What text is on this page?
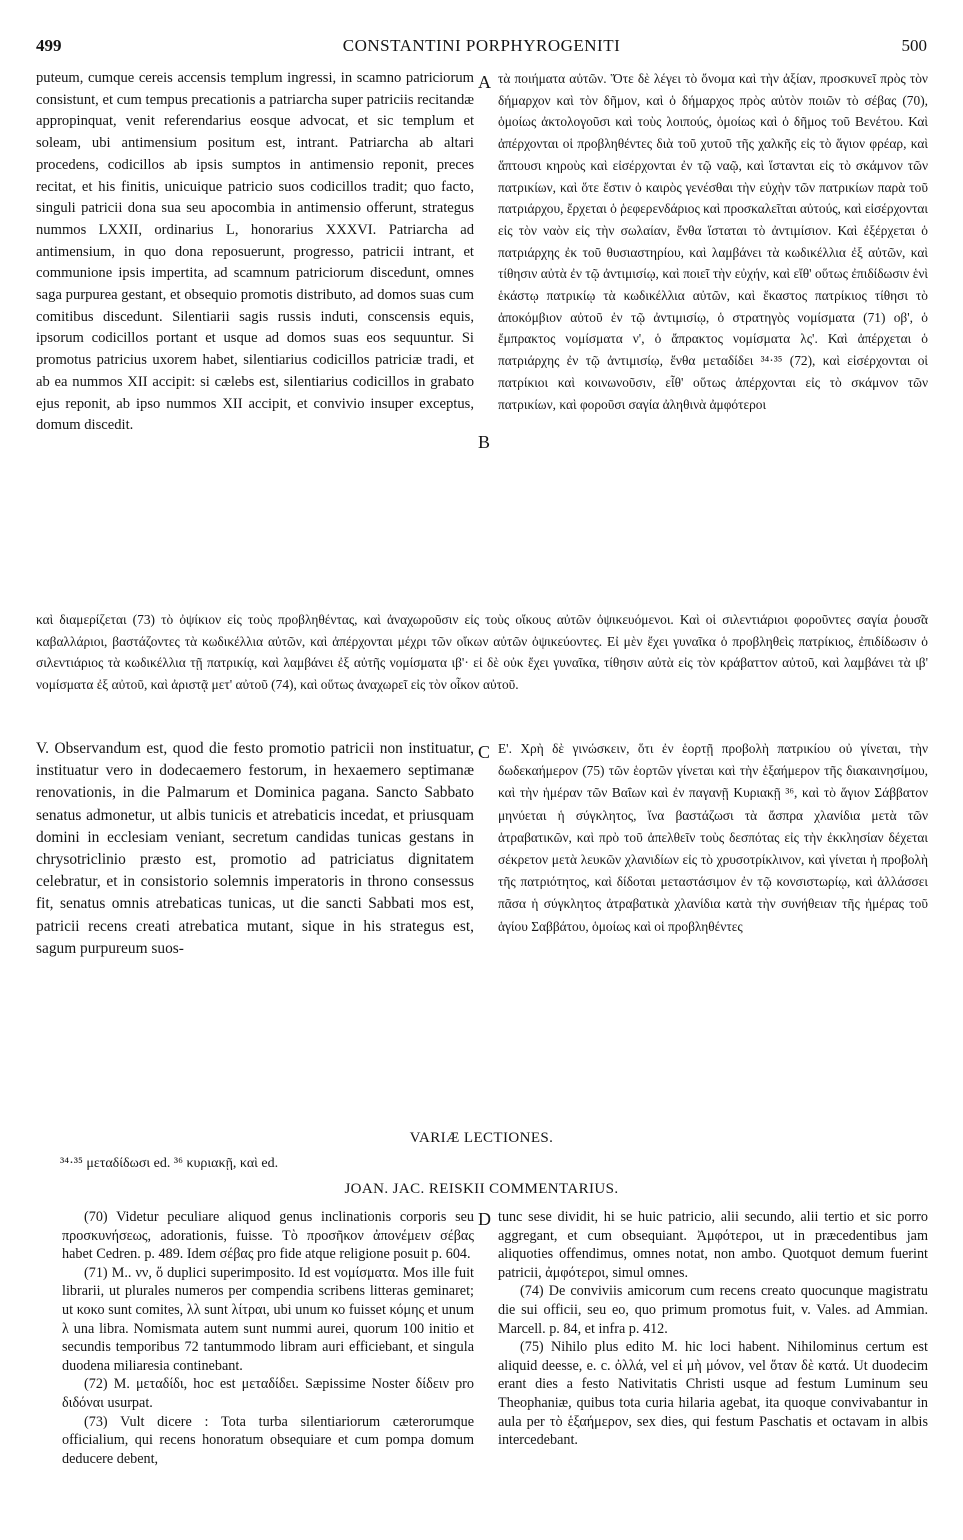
499	CONSTANTINI PORPHYROGENITI	500

puteum, cumque cereis accensis templum ingressi, in scamno patriciorum consistunt, et cum tempus precationis a patriarcha super patriciis recitandæ appropinquat, venit referendarius eosque advocat, et sic templum et soleam, ubi antimensium positum est, intrant. Patriarcha ab altari procedens, codicillos ab ipsis sumptos in antimensio reponit, preces recitat, et his finitis, unicuique patricio suos codicillos tradit; quo facto, singuli patricii dona sua seu apocombia in antimensio offerunt, strategus nummos LXXII, ordinarius L, honorarius XXXVI. Patriarcha ad antimensium, in quo dona reposuerunt, progresso, patricii intrant, et communione ipsis impertita, ad scamnum patriciorum discedunt, omnes saga purpurea gestant, et obsequio promotis distributo, ad domos suas cum comitibus discedunt. Silentiarii sagis russis induti, conscensis equis, ipsorum codicillos portant et usque ad domos suas eos sequuntur. Si promotus patricius uxorem habet, silentiarius codicillos patriciæ tradi, et ab ea nummos XII accipit: si cælebs est, silentiarius codicillos in grabato ejus reponit, ab ipso nummos XII accipit, et convivio insuper exceptus, domum discedit.

A τὰ ποιήματα αὐτῶν. Ὅτε δὲ λέγει τὸ ὄνομα καὶ τὴν ἀξίαν, προσκυνεῖ πρὸς τὸν δήμαρχον καὶ τὸν δῆμον, καὶ ὁ δήμαρχος πρὸς αὐτὸν ποιῶν τὸ σέβας (70), ὁμοίως ἀκτολογοῦσι καὶ τοὺς λοιπούς, ὁμοίως καὶ ὁ δῆμος τοῦ Βενέτου. Καὶ ἀπέρχονται οἱ προβληθέντες διὰ τοῦ χυτοῦ τῆς χαλκῆς εἰς τὸ ἅγιον φρέαρ, καὶ ἅπτουσι κηροὺς καὶ εἰσέρχονται ἐν τῷ ναῷ, καὶ ἵστανται εἰς τὸ σκάμνον τῶν πατρικίων, καὶ ὅτε ἔστιν ὁ καιρὸς γενέσθαι τὴν εὐχὴν τῶν πατρικίων παρὰ τοῦ πατριάρχου, ἔρχεται ὁ ῥεφερενδάριος καὶ προσκαλεῖται αὐτούς, καὶ εἰσέρχονται εἰς τὸν ναὸν εἰς τὴν σωλαίαν, ἔνθα ἵσταται τὸ ἀντιμίσιον. Καὶ ἐξέρχεται ὁ πατριάρχης ἐκ τοῦ θυσιαστηρίου, καὶ λαμβάνει τὰ κωδικέλλια ἐξ αὐτῶν, καὶ τίθησιν αὐτὰ ἐν τῷ ἀντιμισίῳ, καὶ ποιεῖ τὴν εὐχήν, καὶ εἴθ' οὕτως ἐπιδίδωσιν ἑνὶ ἑκάστῳ πατρικίῳ τὰ κωδικέλλια αὐτῶν, καὶ ἕκαστος πατρίκιος τίθησι τὸ ἀποκόμβιον αὐτοῦ ἐν τῷ ἀντιμισίῳ, ὁ στρατηγὸς νομίσματα (71) οβ', ὁ ἔμπρακτος νομίσματα ν', ὁ ἄπρακτος νομίσματα λς'. Καὶ ἀπέρχεται ὁ πατριάρχης ἐν τῷ ἀντιμισίῳ, ἔνθα μεταδίδει ³⁴·³⁵ (72), καὶ εἰσέρχονται οἱ πατρίκιοι καὶ κοινωνοῦσιν, εἶθ' οὕτως ἀπέρχονται εἰς τὸ σκάμνον τῶν πατρικίων, καὶ φοροῦσι σαγία ἀληθινὰ ἀμφότεροι

B

καὶ διαμερίζεται (73) τὸ ὀψίκιον εἰς τοὺς προβληθέντας, καὶ ἀναχωροῦσιν εἰς τοὺς οἴκους αὐτῶν ὀψικευόμενοι. Καὶ οἱ σιλεντιάριοι φοροῦντες σαγία ῥουσ̃α καβαλλάριοι, βαστάζοντες τὰ κωδικέλλια αὐτῶν, καὶ ἀπέρχονται μέχρι τῶν οἴκων αὐτῶν ὀψικεύοντες. Εἰ μὲν ἔχει γυναῖκα ὁ προβληθεὶς πατρίκιος, ἐπιδίδωσιν ὁ σιλεντιάριος τὰ κωδικέλλια τῇ πατρικίᾳ, καὶ λαμβάνει ἐξ αὐτῆς νομίσματα ιβ'· εἰ δὲ οὐκ ἔχει γυναῖκα, τίθησιν αὐτὰ εἰς τὸν κράβαττον αὐτοῦ, καὶ λαμβάνει τὰ ιβ' νομίσματα ἐξ αὐτοῦ, καὶ ἀριστᾷ μετ' αὐτοῦ (74), καὶ οὕτως ἀναχωρεῖ εἰς τὸν οἶκον αὐτοῦ.

V. Observandum est, quod die festo promotio patricii non instituatur, instituatur vero in dodecaemero festorum, in hexaemero septimanæ renovationis, in die Palmarum et Dominica pagana. Sancto Sabbato senatus admonetur, ut albis tunicis et atrebaticis incedat, et priusquam domini in ecclesiam veniant, secretum candidas tunicas gestans in chrysotriclinio præsto est, promotio ad patriciatus dignitatem celebratur, et in consistorio solemnis imperatoris in throno consessus fit, senatus omnis atrebaticas tunicas, ut die sancti Sabbati mos est, patricii recens creati atrebatica mutant, sique in his strategus est, sagum purpureum suos-

C Ε'. Χρὴ δὲ γινώσκειν, ὅτι ἐν ἑορτῇ προβολὴ πατρικίου οὐ γίνεται, τὴν δωδεκαήμερον (75) τῶν ἑορτῶν γίνεται καὶ τὴν ἑξαήμερον τῆς διακαινησίμου, καὶ τὴν ἡμέραν τῶν Βαΐων καὶ ἐν παγανῇ Κυριακῇ ³⁶, καὶ τὸ ἅγιον Σάββατον μηνύεται ἡ σύγκλητος, ἵνα βαστάζωσι τὰ ἄσπρα χλανίδια μετὰ τῶν ἀτραβατικῶν, καὶ πρὸ τοῦ ἀπελθεῖν τοὺς δεσπότας εἰς τὴν ἐκκλησίαν δέχεται σέκρετον μετὰ λευκῶν χλανιδίων εἰς τὸ χρυσοτρίκλινον, καὶ γίνεται ἡ προβολὴ τῆς πατριότητος, καὶ δίδοται μεταστάσιμον ἐν τῷ κονσιστωρίῳ, καὶ ἀλλάσσει πᾶσα ἡ σύγκλητος ἀτραβατικὰ χλανίδια κατὰ τὴν συνήθειαν τῆς ἡμέρας τοῦ ἁγίου Σαββάτου, ὁμοίως καὶ οἱ προβληθέντες

VARIÆ LECTIONES.
³⁴·³⁵ μεταδίδωσι ed. ³⁶ κυριακῇ, καὶ ed.
JOAN. JAC. REISKII COMMENTARIUS.

(70) Videtur peculiare aliquod genus inclinationis corporis seu προσκυνήσεως, adorationis, fuisse. Τὸ προσῆκον ἀπονέμειν σέβας habet Cedren. p. 489. Idem σέβας pro fide atque religione posuit p. 604.

(71) M.. νν, ὅ duplici superimposito. Id est νομίσματα. Mos ille fuit librarii, ut plurales numeros per compendia scribens litteras geminaret; ut κοκο sunt comites, λλ sunt λίτραι, ubi unum κο fuisset κόμης et unum λ una libra. Nomismata autem sunt nummi aurei, quorum 100 initio et secundis temporibus 72 tantummodo libram auri efficiebant, et singula duodena miliaresia continebant.

(72) M. μεταδίδι, hoc est μεταδίδει. Sæpissime Noster δίδειν pro διδόναι usurpat.

(73) Vult dicere : Tota turba silentiariorum cæterorumque officialium, qui recens honoratum obsequiare et cum pompa domum deducere debent,

D tunc sese dividit, hi se huic patricio, alii secundo, alii tertio et sic porro aggregant, et cum obsequiant. Ἀμφότεροι, ut in præcedentibus jam aliquoties offendimus, omnes notat, non ambo. Quotquot demum fuerint patricii, ἀμφότεροι, simul omnes.

(74) De conviviis amicorum cum recens creato quocunque magistratu die sui officii, seu eo, quo primum promotus fuit, v. Vales. ad Ammian. Marcell. p. 84, et infra p. 412.

(75) Nihilo plus edito M. hic loci habent. Nihilominus certum est aliquid deesse, e. c. ὀλλά, vel εἰ μὴ μόνον, vel ὅταν δὲ κατά. Ut duodecim erant dies a festo Nativitatis Christi usque ad festum Luminum seu Theophaniæ, quibus tota curia hilaria agebat, ita quoque convivabantur in aula per τὸ ἑξαήμερον, sex dies, qui festum Paschatis et octavam in albis intercedebant.
